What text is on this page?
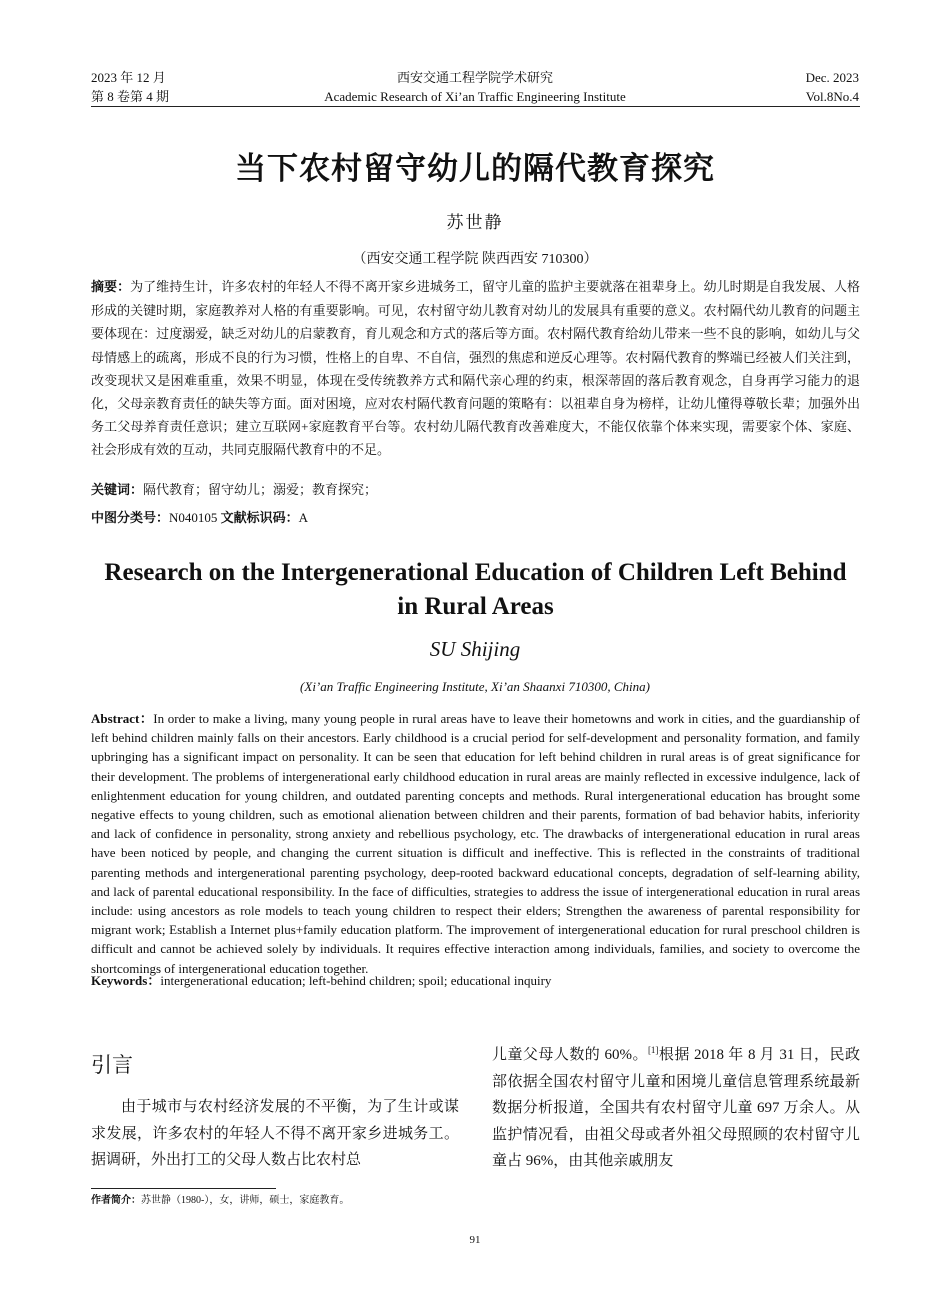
2023 年 12 月
第 8 卷第 4 期
西安交通工程学院学术研究
Academic Research of Xi’an Traffic Engineering Institute
Dec. 2023
Vol.8No.4
当下农村留守幼儿的隔代教育探究
苏世静
（西安交通工程学院 陕西西安 710300）
摘要：为了维持生计，许多农村的年轻人不得不离开家乡进城务工，留守儿童的监护主要就落在祖辈身上。幼儿时期是自我发展、人格形成的关键时期，家庭教养对人格的有重要影响。可见，农村留守幼儿教育对幼儿的发展具有重要的意义。农村隔代幼儿教育的问题主要体现在：过度溺爱，缺乏对幼儿的启蒙教育，育儿观念和方式的落后等方面。农村隔代教育给幼儿带来一些不良的影响，如幼儿与父母情感上的疏离，形成不良的行为习惯，性格上的自卑、不自信，强烈的焦虑和逆反心理等。农村隔代教育的弊端已经被人们关注到，改变现状又是困难重重，效果不明显，体现在受传统教养方式和隔代亲心理的约束，根深蒂固的落后教育观念，自身再学习能力的退化，父母亲教育责任的缺失等方面。面对困境，应对农村隔代教育问题的策略有：以祖辈自身为榜样，让幼儿懂得尊敬长辈；加强外出务工父母养育责任意识；建立互联网+家庭教育平台等。农村幼儿隔代教育改善难度大，不能仅依靠个体来实现，需要家个体、家庭、社会形成有效的互动，共同克服隔代教育中的不足。
关键词：隔代教育；留守幼儿；溺爱；教育探究；
中图分类号：N040105 文献标识码：A
Research on the Intergenerational Education of Children Left Behind
in Rural Areas
SU Shijing
(Xi’an Traffic Engineering Institute, Xi’an Shaanxi 710300, China)
Abstract：In order to make a living, many young people in rural areas have to leave their hometowns and work in cities, and the guardianship of left behind children mainly falls on their ancestors. Early childhood is a crucial period for self-development and personality formation, and family upbringing has a significant impact on personality. It can be seen that education for left behind children in rural areas is of great significance for their development. The problems of intergenerational early childhood education in rural areas are mainly reflected in excessive indulgence, lack of enlightenment education for young children, and outdated parenting concepts and methods. Rural intergenerational education has brought some negative effects to young children, such as emotional alienation between children and their parents, formation of bad behavior habits, inferiority and lack of confidence in personality, strong anxiety and rebellious psychology, etc. The drawbacks of intergenerational education in rural areas have been noticed by people, and changing the current situation is difficult and ineffective. This is reflected in the constraints of traditional parenting methods and intergenerational parenting psychology, deep-rooted backward educational concepts, degradation of self-learning ability, and lack of parental educational responsibility. In the face of difficulties, strategies to address the issue of intergenerational education in rural areas include: using ancestors as role models to teach young children to respect their elders; Strengthen the awareness of parental responsibility for migrant work; Establish a Internet plus+family education platform. The improvement of intergenerational education for rural preschool children is difficult and cannot be achieved solely by individuals. It requires effective interaction among individuals, families, and society to overcome the shortcomings of intergenerational education together.
Keywords：intergenerational education; left-behind children; spoil; educational inquiry
引言

由于城市与农村经济发展的不平衡，为了生计或谋求发展，许多农村的年轻人不得不离开家乡进城务工。据调研，外出打工的父母人数占比农村总

儿童父母人数的 60%。[1]根据 2018 年 8 月 31 日，民政部依据全国农村留守儿童和困境儿童信息管理系统最新数据分析报道，全国共有农村留守儿童 697 万余人。从监护情况看，由祖父母或者外祖父母照顾的农村留守儿童占 96%，由其他亲戚朋友

作者简介：苏世静（1980-），女，讲师，硕士，家庭教育。
91
